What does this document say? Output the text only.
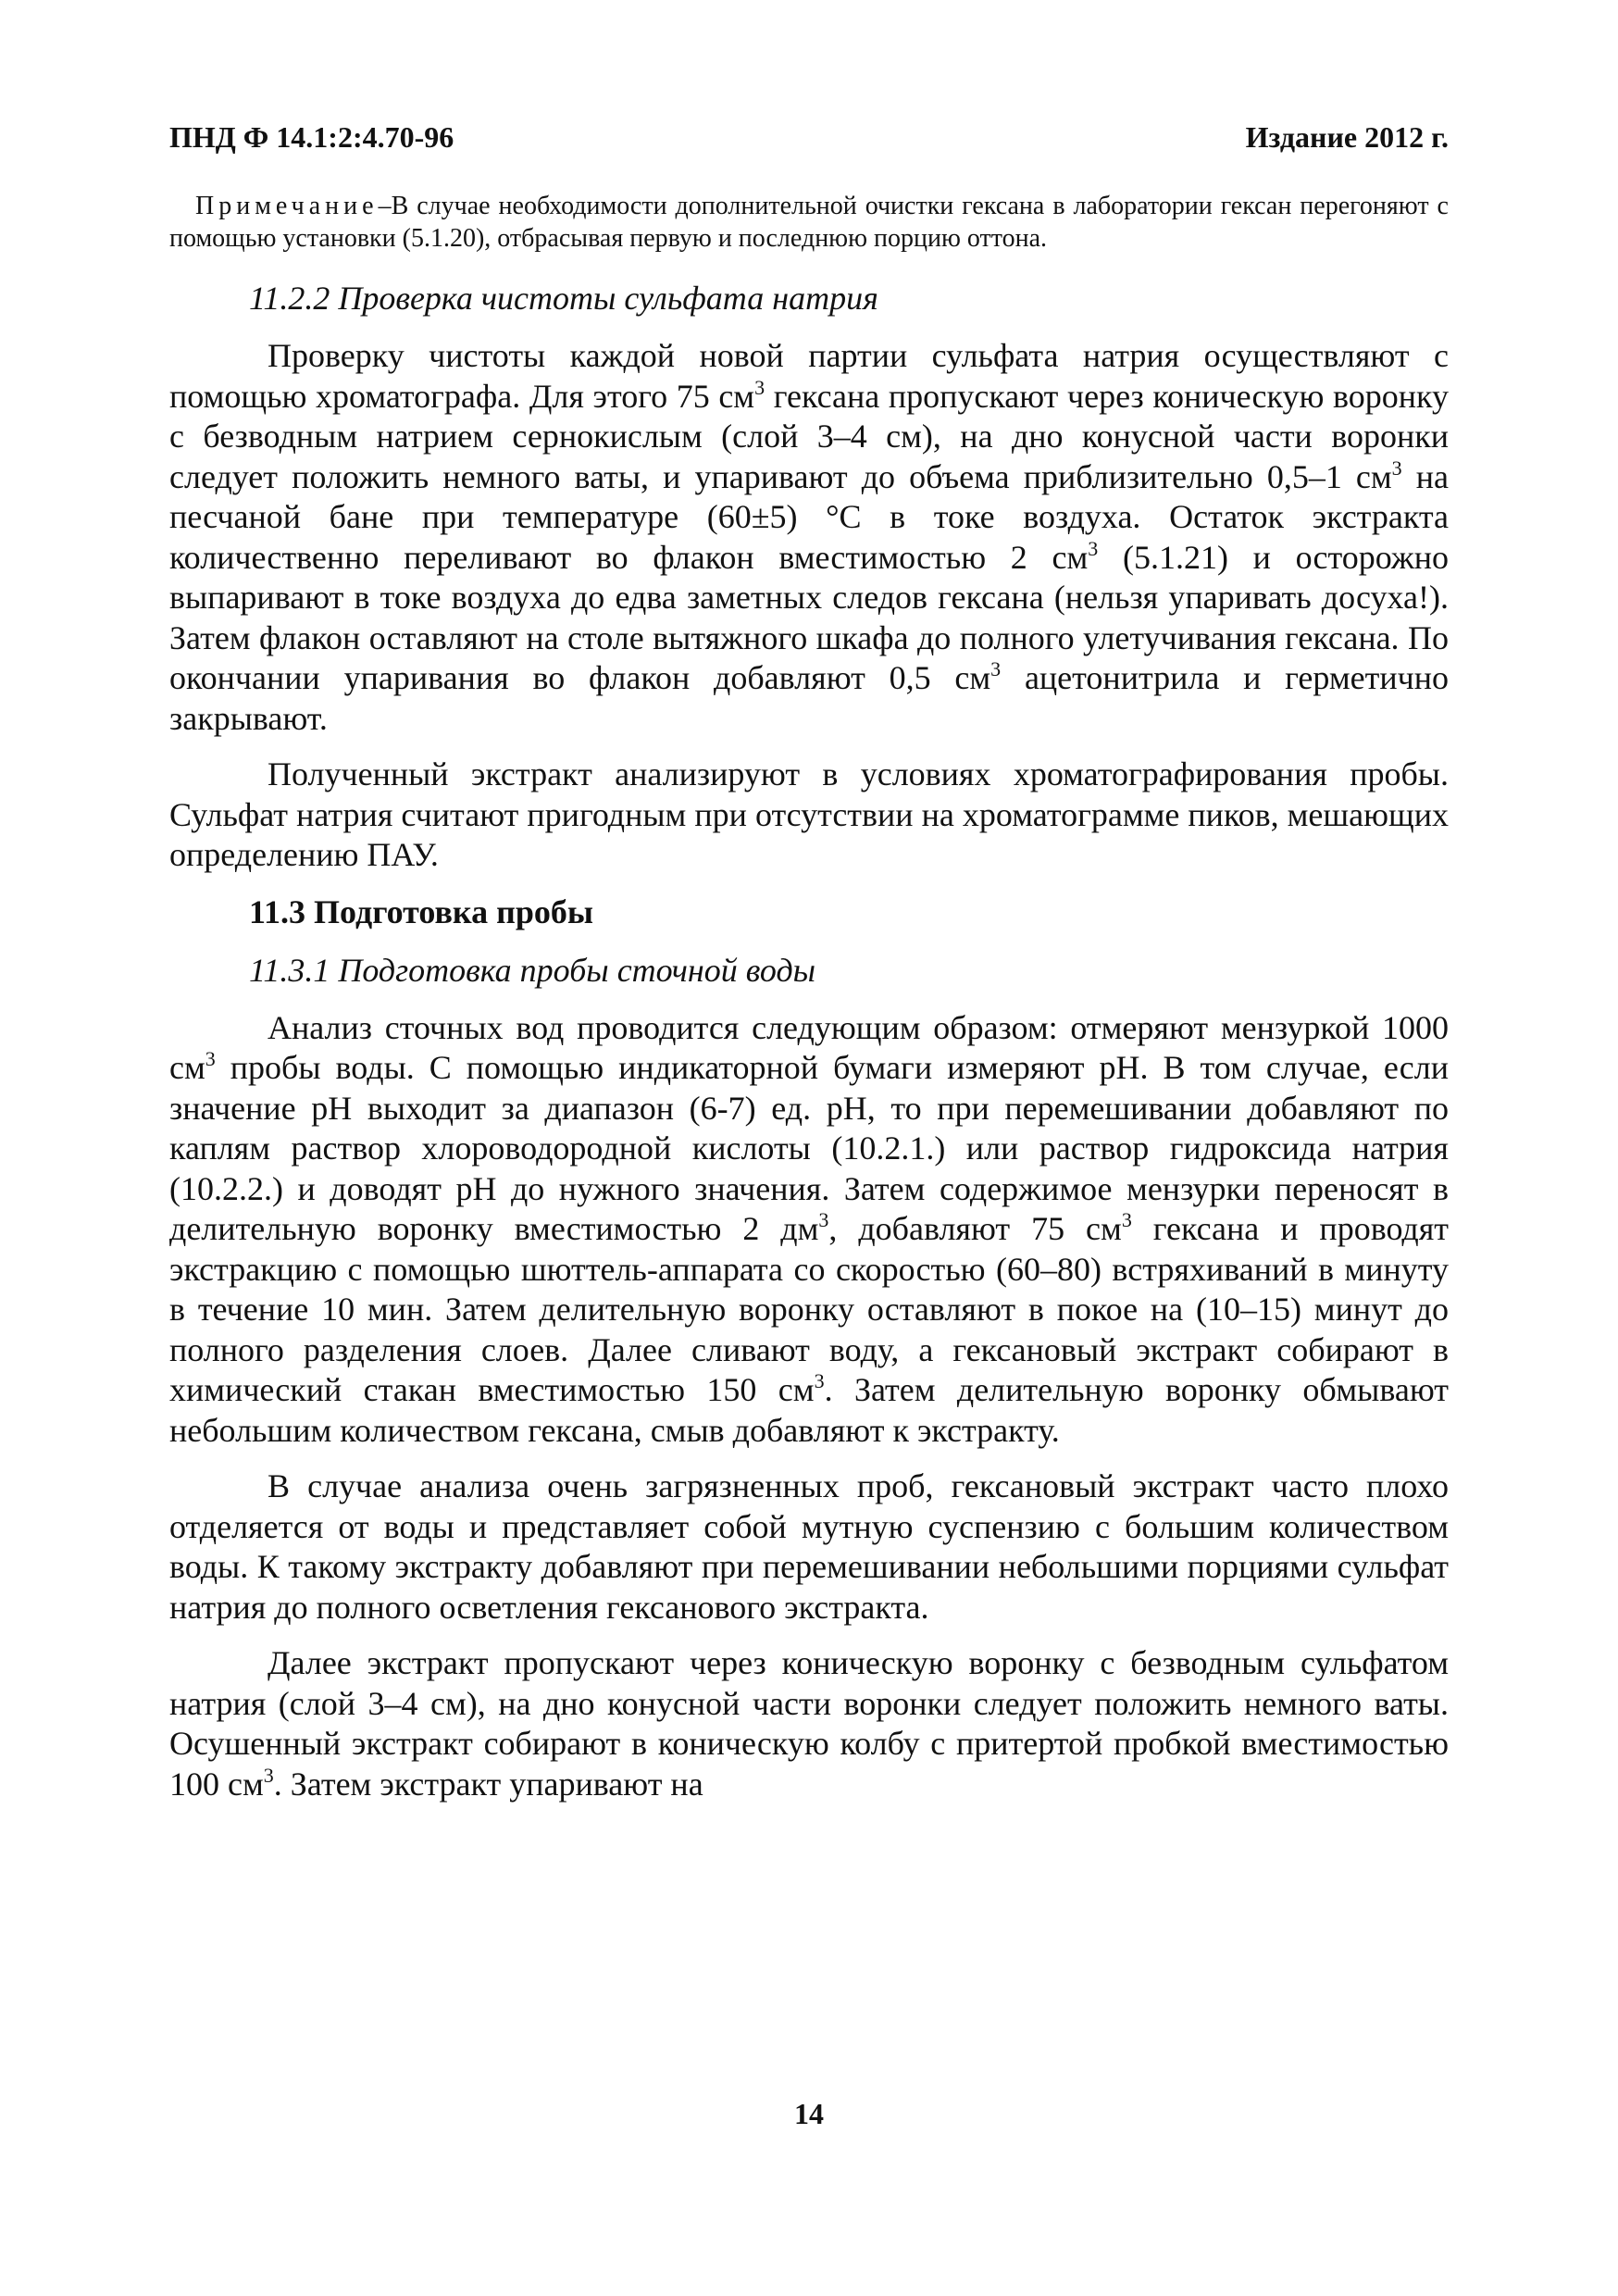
ПНД Ф 14.1:2:4.70-96	Издание 2012 г.
Примечание–В случае необходимости дополнительной очистки гексана в лаборатории гексан перегоняют с помощью установки (5.1.20), отбрасывая первую и последнюю порцию оттона.
11.2.2 Проверка чистоты сульфата натрия

Проверку чистоты каждой новой партии сульфата натрия осуществляют с помощью хроматографа. Для этого 75 $см^3$ гексана пропускают через коническую воронку с безводным натрием сернокислым (слой 3–4 см), на дно конусной части воронки следует положить немного ваты, и упаривают до объема приблизительно 0,5–1 $см^3$ на песчаной бане при температуре (60±5) °С в токе воздуха. Остаток экстракта количественно переливают во флакон вместимостью 2 $см^3$ (5.1.21) и осторожно выпаривают в токе воздуха до едва заметных следов гексана (нельзя упаривать досуха!). Затем флакон оставляют на столе вытяжного шкафа до полного улетучивания гексана. По окончании упаривания во флакон добавляют 0,5 $см^3$ ацетонитрила и герметично закрывают.

Полученный экстракт анализируют в условиях хроматографирования пробы. Сульфат натрия считают пригодным при отсутствии на хроматограмме пиков, мешающих определению ПАУ.

11.3 Подготовка пробы
11.3.1 Подготовка пробы сточной воды

Анализ сточных вод проводится следующим образом: отмеряют мензуркой 1000 $см^3$ пробы воды. С помощью индикаторной бумаги измеряют pH. В том случае, если значение pH выходит за диапазон (6-7) ед. pH, то при перемешивании добавляют по каплям раствор хлороводородной кислоты (10.2.1.) или раствор гидроксида натрия (10.2.2.) и доводят pH до нужного значения. Затем содержимое мензурки переносят в делительную воронку вместимостью 2 $дм^3$, добавляют 75 $см^3$ гексана и проводят экстракцию с помощью шюттель-аппарата со скоростью (60–80) встряхиваний в минуту в течение 10 мин. Затем делительную воронку оставляют в покое на (10–15) минут до полного разделения слоев. Далее сливают воду, а гексановый экстракт собирают в химический стакан вместимостью 150 $см^3$. Затем делительную воронку обмывают небольшим количеством гексана, смыв добавляют к экстракту.

В случае анализа очень загрязненных проб, гексановый экстракт часто плохо отделяется от воды и представляет собой мутную суспензию с большим количеством воды. К такому экстракту добавляют при перемешивании небольшими порциями сульфат натрия до полного осветления гексанового экстракта.

Далее экстракт пропускают через коническую воронку с безводным сульфатом натрия (слой 3–4 см), на дно конусной части воронки следует положить немного ваты. Осушенный экстракт собирают в коническую колбу с притертой пробкой вместимостью 100 $см^3$. Затем экстракт упаривают на

14
